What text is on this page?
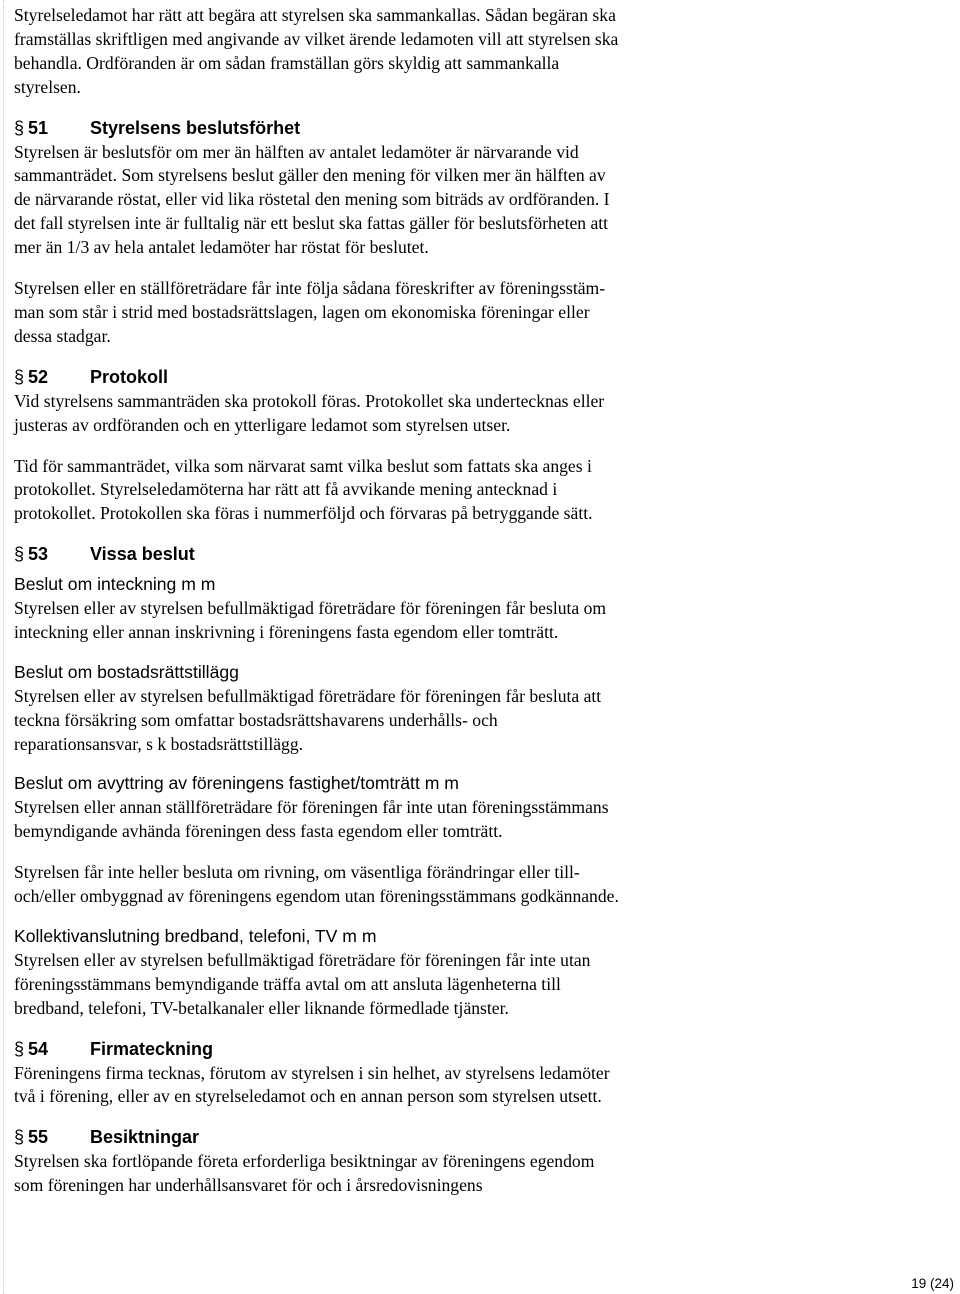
Styrelseledamot har rätt att begära att styrelsen ska sammankallas. Sådan begäran ska
framställas skriftligen med angivande av vilket ärende ledamoten vill att styrelsen ska
behandla. Ordföranden är om sådan framställan görs skyldig att sammankalla
styrelsen.

§ 51 Styrelsens beslutsförhet

Styrelsen är beslutsför om mer än hälften av antalet ledamöter är närvarande vid
sammanträdet. Som styrelsens beslut gäller den mening för vilken mer än hälften av
de närvarande röstat, eller vid lika röstetal den mening som biträds av ordföranden. I
det fall styrelsen inte är fulltalig när ett beslut ska fattas gäller för beslutsförheten att
mer än 1/3 av hela antalet ledamöter har röstat för beslutet.

Styrelsen eller en ställföreträdare får inte följa sådana föreskrifter av föreningsstäm-
man som står i strid med bostadsrättslagen, lagen om ekonomiska föreningar eller
dessa stadgar.

§ 52 Protokoll

Vid styrelsens sammanträden ska protokoll föras. Protokollet ska undertecknas eller
justeras av ordföranden och en ytterligare ledamot som styrelsen utser.

Tid för sammanträdet, vilka som närvarat samt vilka beslut som fattats ska anges i
protokollet. Styrelseledamöterna har rätt att få avvikande mening antecknad i
protokollet. Protokollen ska föras i nummerföljd och förvaras på betryggande sätt.

§ 53 Vissa beslut
Beslut om inteckning m m

Styrelsen eller av styrelsen befullmäktigad företrädare för föreningen får besluta om
inteckning eller annan inskrivning i föreningens fasta egendom eller tomträtt.

Beslut om bostadsrättstillägg

Styrelsen eller av styrelsen befullmäktigad företrädare för föreningen får besluta att
teckna försäkring som omfattar bostadsrättshavarens underhålls- och
reparationsansvar, s k bostadsrättstillägg.

Beslut om avyttring av föreningens fastighet/tomträtt m m

Styrelsen eller annan ställföreträdare för föreningen får inte utan föreningsstämmans
bemyndigande avhända föreningen dess fasta egendom eller tomträtt.

Styrelsen får inte heller besluta om rivning, om väsentliga förändringar eller till-
och/eller ombyggnad av föreningens egendom utan föreningsstämmans godkännande.

Kollektivanslutning bredband, telefoni, TV m m

Styrelsen eller av styrelsen befullmäktigad företrädare för föreningen får inte utan
föreningsstämmans bemyndigande träffa avtal om att ansluta lägenheterna till
bredband, telefoni, TV-betalkanaler eller liknande förmedlade tjänster.

§ 54 Firmateckning

Föreningens firma tecknas, förutom av styrelsen i sin helhet, av styrelsens ledamöter
två i förening, eller av en styrelseledamot och en annan person som styrelsen utsett.

§ 55 Besiktningar

Styrelsen ska fortlöpande företa erforderliga besiktningar av föreningens egendom
som föreningen har underhållsansvaret för och i årsredovisningens

19 (24)
